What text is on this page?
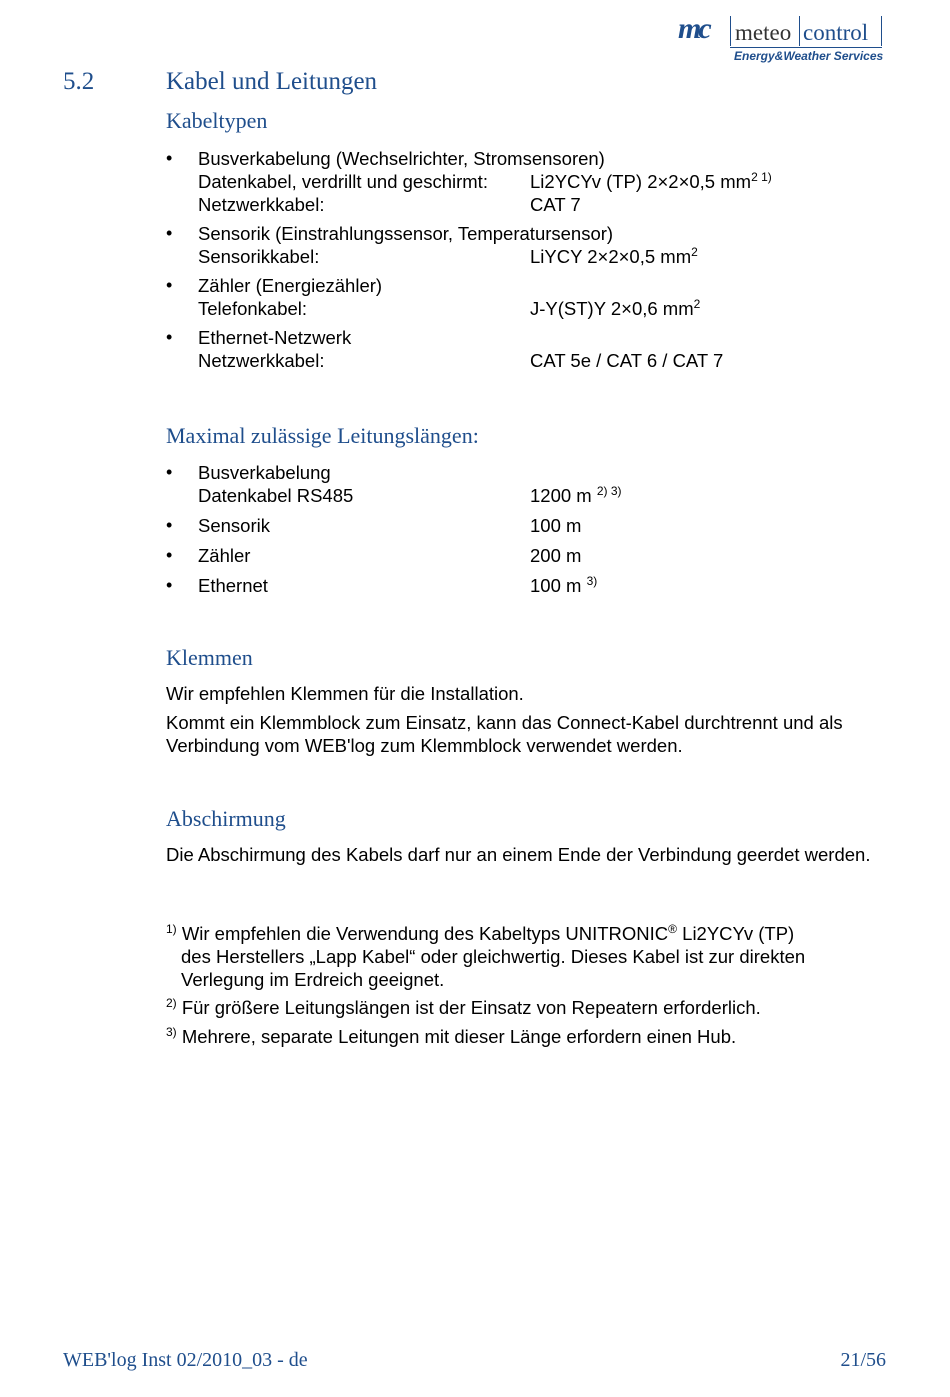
mc meteo control
Energy&Weather Services
5.2	Kabel und Leitungen
Kabeltypen
• Busverkabelung (Wechselrichter, Stromsensoren)
Datenkabel, verdrillt und geschirmt: Li2YCYv (TP) 2×2×0,5 $mm^{2 1)}$
Netzwerkkabel:	CAT 7
• Sensorik (Einstrahlungssensor, Temperatursensor)
Sensorikkabel:	LiYCY 2×2×0,5 $mm^2$
• Zähler (Energiezähler)
Telefonkabel:	J-Y(ST)Y 2×0,6 $mm^2$
• Ethernet-Netzwerk
Netzwerkkabel:	CAT 5e / CAT 6 / CAT 7
Maximal zulässige Leitungslängen:
• Busverkabelung
Datenkabel RS485	1200 m $^{2) 3)}$
• Sensorik	100 m
• Zähler	200 m
• Ethernet	100 m $^{3)}$
Klemmen

Wir empfehlen Klemmen für die Installation.

Kommt ein Klemmblock zum Einsatz, kann das Connect-Kabel durchtrennt und als Verbindung vom WEB'log zum Klemmblock verwendet werden.

Abschirmung

Die Abschirmung des Kabels darf nur an einem Ende der Verbindung geerdet werden.

$^{1)}$ Wir empfehlen die Verwendung des Kabeltyps UNITRONIC® Li2YCYv (TP)
des Herstellers „Lapp Kabel“ oder gleichwertig. Dieses Kabel ist zur direkten Verlegung im Erdreich geeignet.
$^{2)}$ Für größere Leitungslängen ist der Einsatz von Repeatern erforderlich.
$^{3)}$ Mehrere, separate Leitungen mit dieser Länge erfordern einen Hub.
WEB'log Inst 02/2010_03 - de	21/56
